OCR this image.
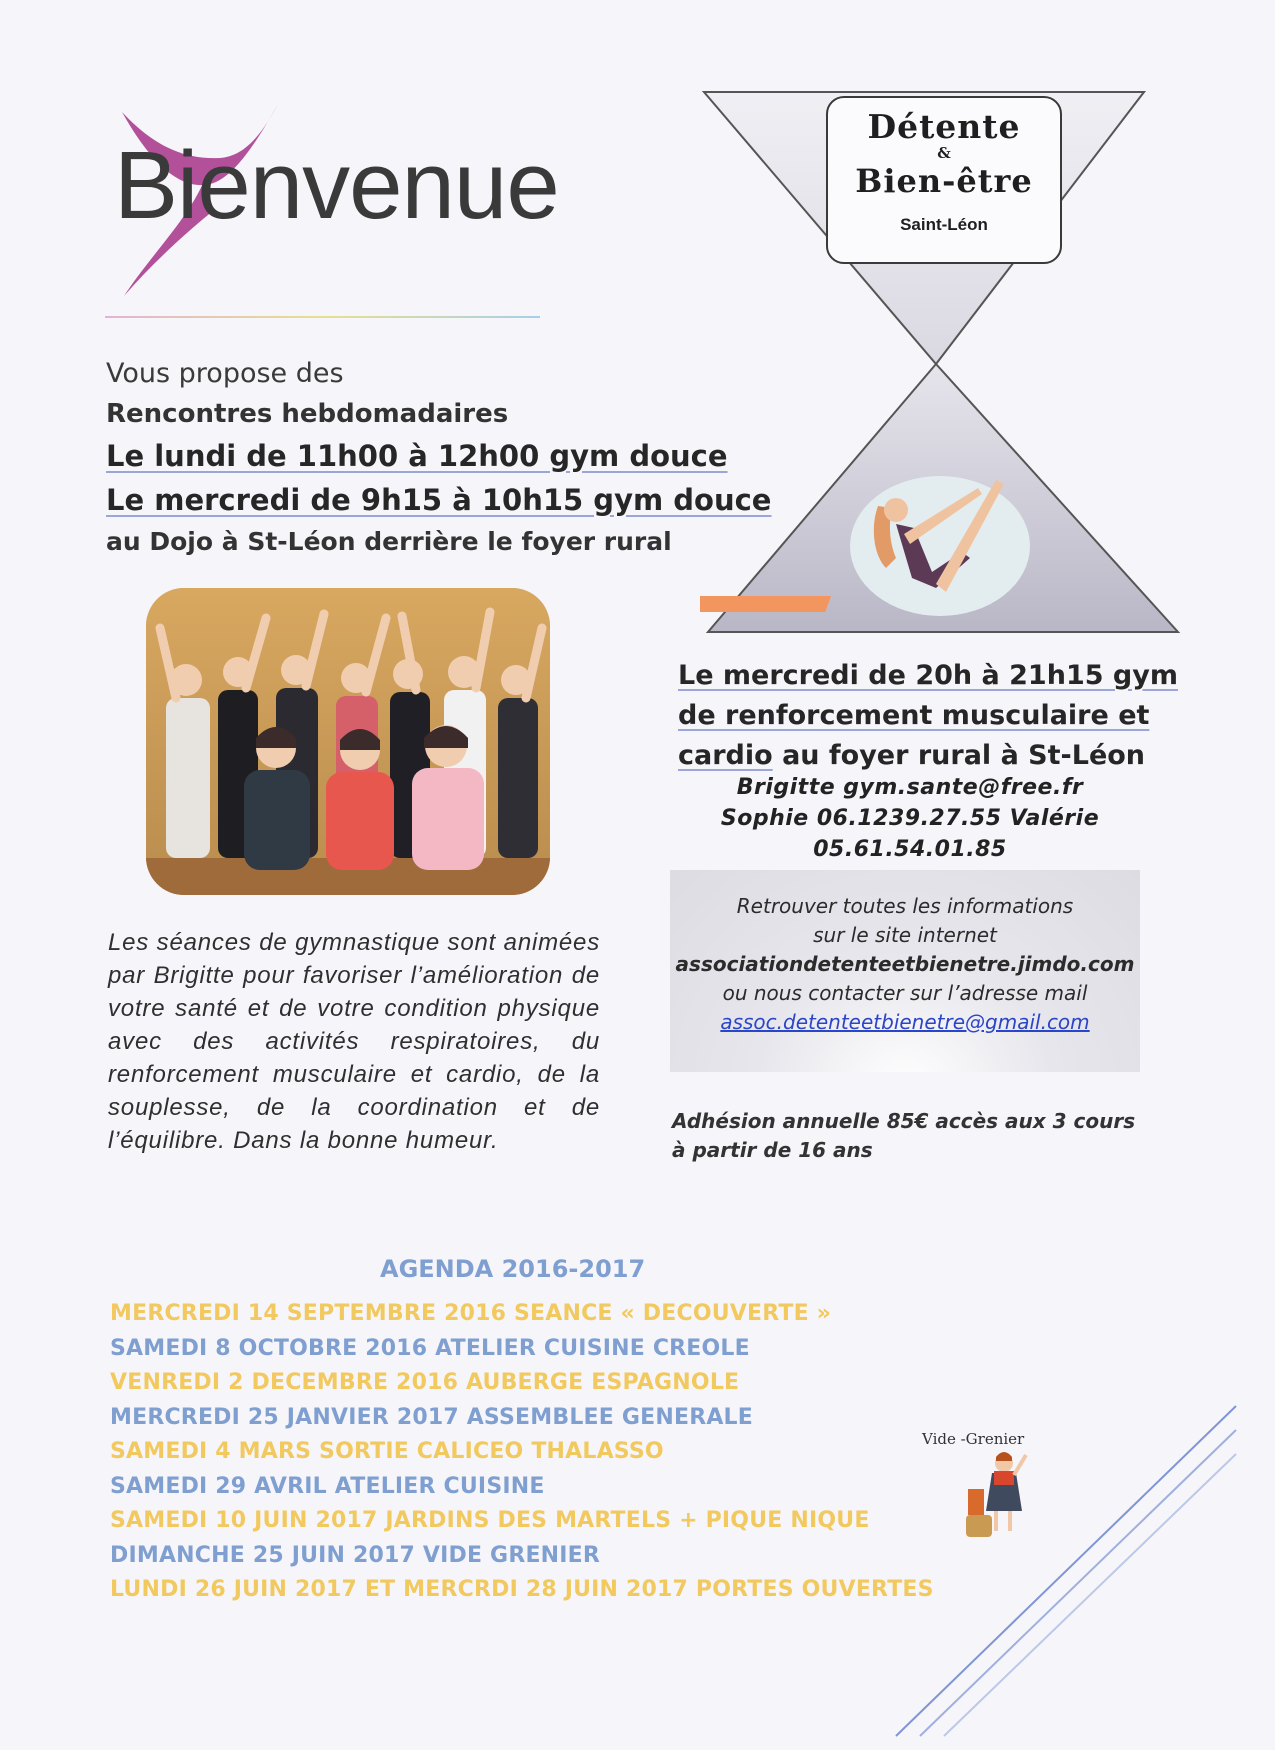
Bienvenue
Vous propose des
Rencontres hebdomadaires
Le lundi de 11h00 à 12h00 gym douce
Le mercredi de 9h15 à 10h15 gym douce
au Dojo à St-Léon derrière le foyer rural
Détente
&
Bien-être
Saint-Léon
Les séances de gymnastique sont animées par Brigitte pour favoriser l’amélioration de votre santé et de votre condition physique avec des activités respiratoires, du renforcement musculaire et cardio, de la souplesse, de la coordination et de l’équilibre. Dans la bonne humeur.
Le mercredi de 20h à 21h15 gym
de renforcement musculaire et
cardio au foyer rural à St-Léon
Brigitte gym.sante@free.fr
Sophie 06.1239.27.55 Valérie
05.61.54.01.85
Retrouver toutes les informations
sur le site internet
associationdetenteetbienetre.jimdo.com
ou nous contacter sur l’adresse mail
assoc.detenteetbienetre@gmail.com
Adhésion annuelle 85€ accès aux 3 cours
à partir de 16 ans
AGENDA 2016-2017
MERCREDI 14 SEPTEMBRE 2016 SEANCE « DECOUVERTE »
SAMEDI 8 OCTOBRE 2016 ATELIER CUISINE CREOLE
VENREDI 2 DECEMBRE 2016 AUBERGE ESPAGNOLE
MERCREDI 25 JANVIER 2017 ASSEMBLEE GENERALE
SAMEDI 4 MARS SORTIE CALICEO THALASSO
SAMEDI 29 AVRIL ATELIER CUISINE
SAMEDI 10 JUIN 2017 JARDINS DES MARTELS + PIQUE NIQUE
DIMANCHE 25 JUIN 2017 VIDE GRENIER
LUNDI 26 JUIN 2017 ET MERCRDI 28 JUIN 2017 PORTES OUVERTES
Vide -Grenier
